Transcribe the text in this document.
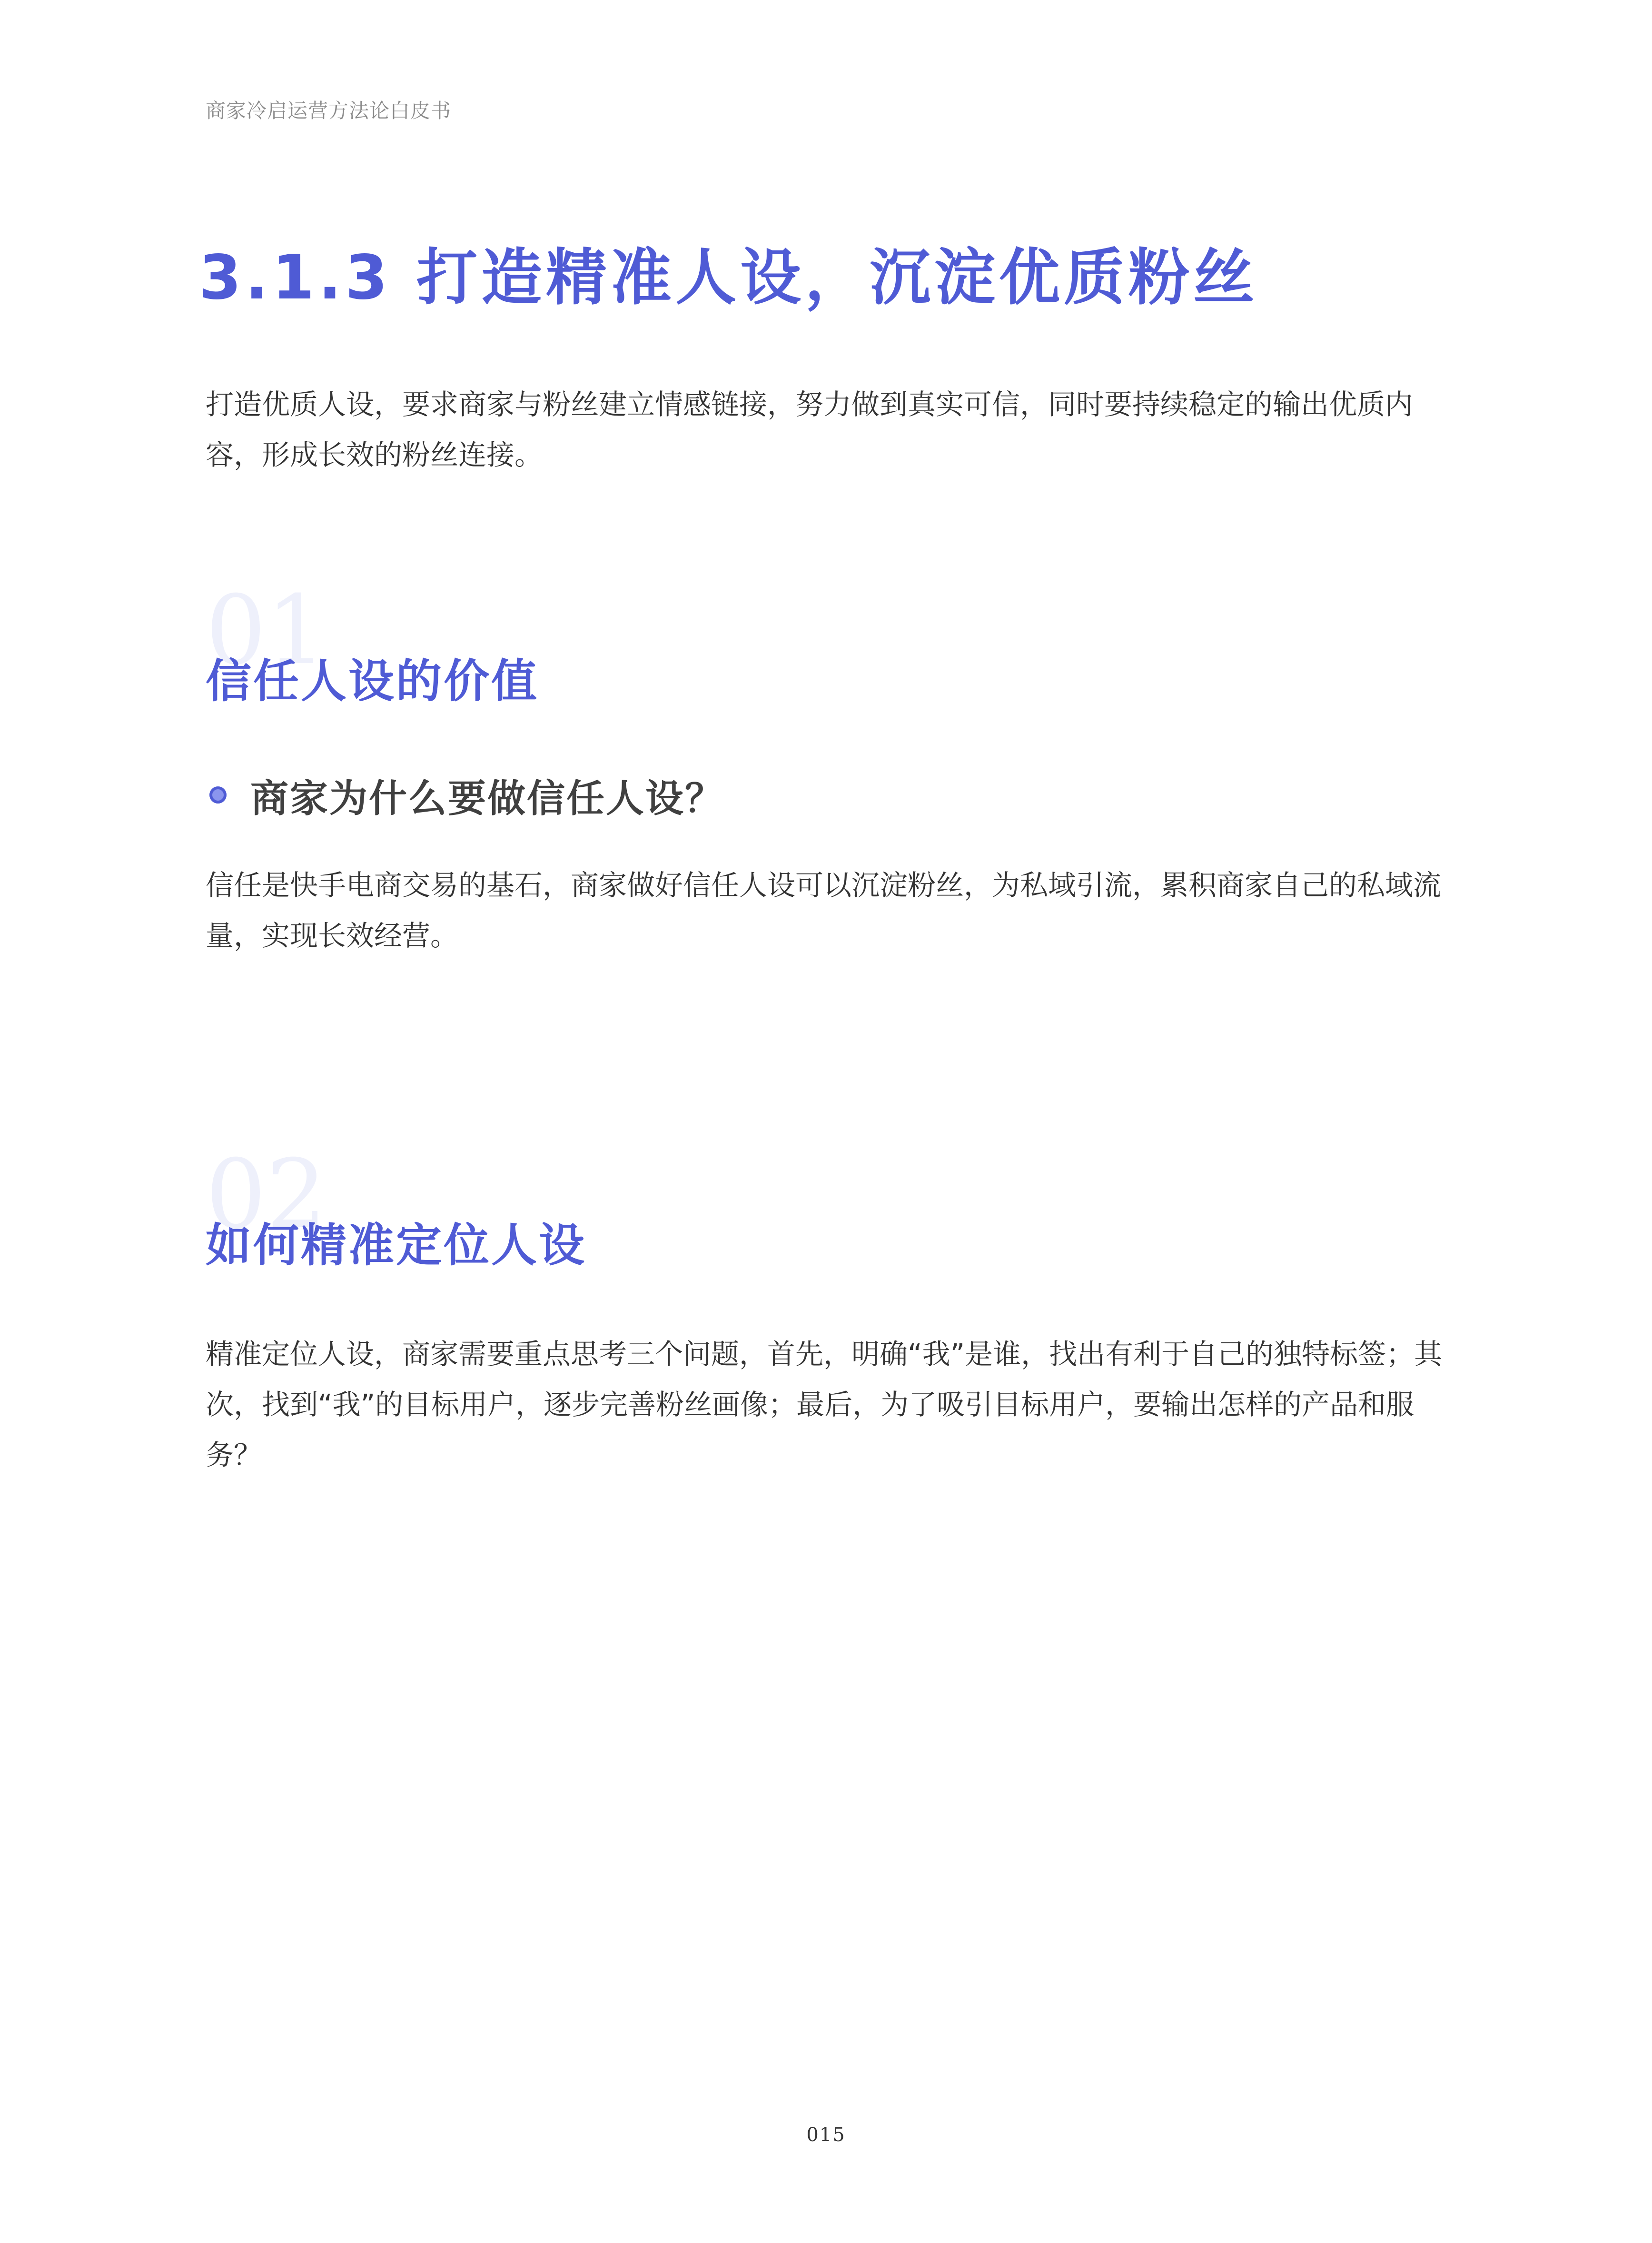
商家冷启运营方法论白皮书
3.1.3 打造精准人设，沉淀优质粉丝

打造优质人设，要求商家与粉丝建立情感链接，努力做到真实可信，同时要持续稳定的输出优质内容，形成长效的粉丝连接。

01
信任人设的价值
商家为什么要做信任人设？

信任是快手电商交易的基石，商家做好信任人设可以沉淀粉丝，为私域引流，累积商家自己的私域流量，实现长效经营。

02
如何精准定位人设

精准定位人设，商家需要重点思考三个问题，首先，明确“我”是谁，找出有利于自己的独特标签；其次，找到“我”的目标用户，逐步完善粉丝画像；最后，为了吸引目标用户，要输出怎样的产品和服务？

015
